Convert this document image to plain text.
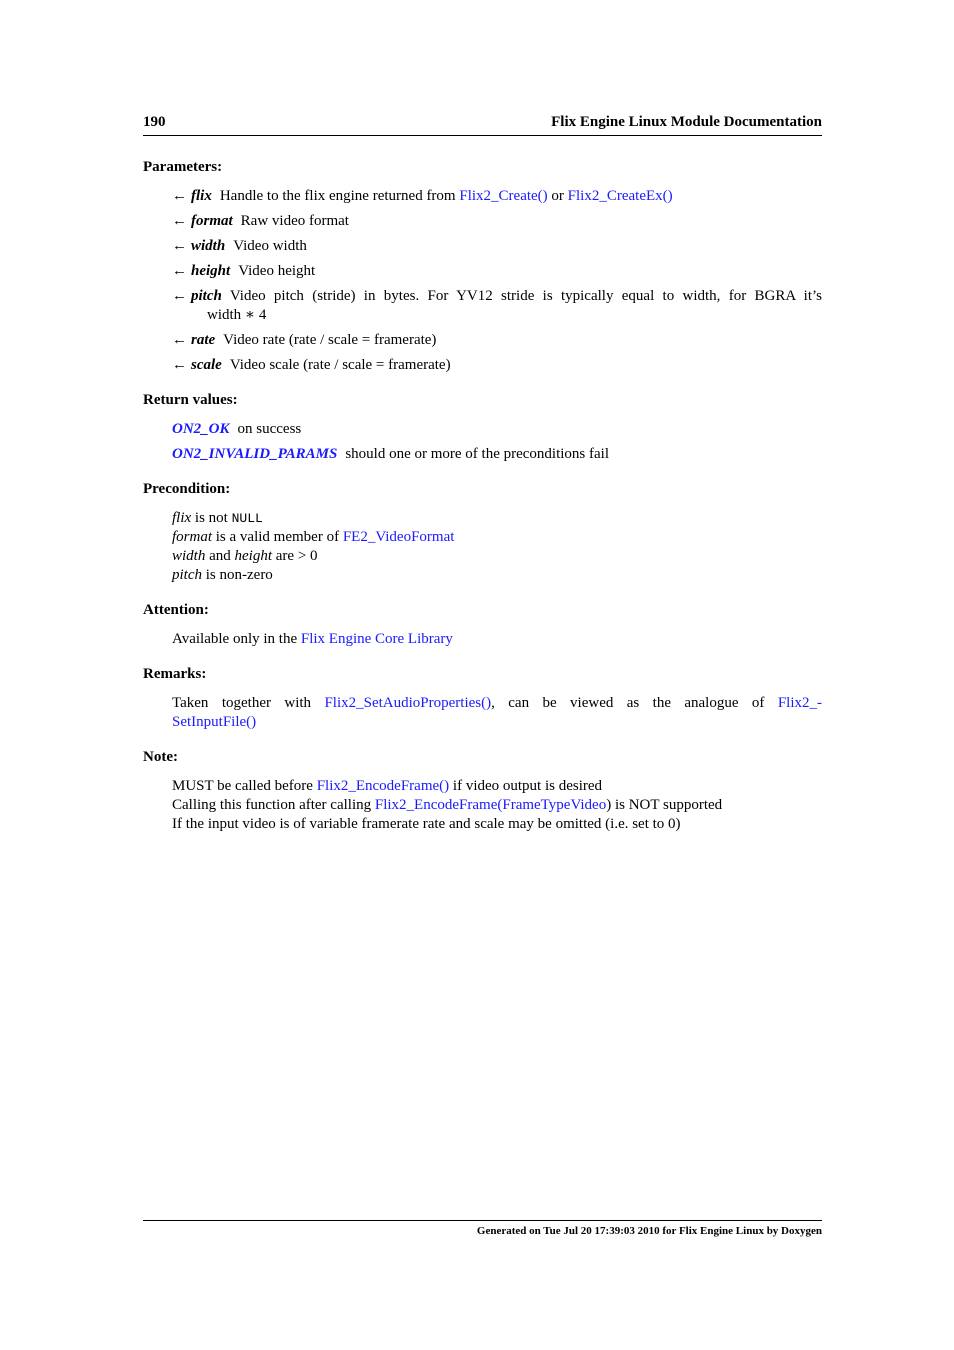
190	Flix Engine Linux Module Documentation

Parameters:

← flix Handle to the flix engine returned from Flix2_Create() or Flix2_CreateEx()
← format Raw video format
← width Video width
← height Video height
← pitch Video pitch (stride) in bytes. For YV12 stride is typically equal to width, for BGRA it’s
width ∗ 4
← rate Video rate (rate / scale = framerate)
← scale Video scale (rate / scale = framerate)

Return values:

ON2_OK on success
ON2_INVALID_PARAMS should one or more of the preconditions fail

Precondition:

flix is not NULL
format is a valid member of FE2_VideoFormat
width and height are > 0
pitch is non-zero

Attention:

Available only in the Flix Engine Core Library

Remarks:

Taken together with Flix2_SetAudioProperties(), can be viewed as the analogue of Flix2_-
SetInputFile()

Note:

MUST be called before Flix2_EncodeFrame() if video output is desired
Calling this function after calling Flix2_EncodeFrame(FrameTypeVideo) is NOT supported
If the input video is of variable framerate rate and scale may be omitted (i.e. set to 0)
Generated on Tue Jul 20 17:39:03 2010 for Flix Engine Linux by Doxygen
